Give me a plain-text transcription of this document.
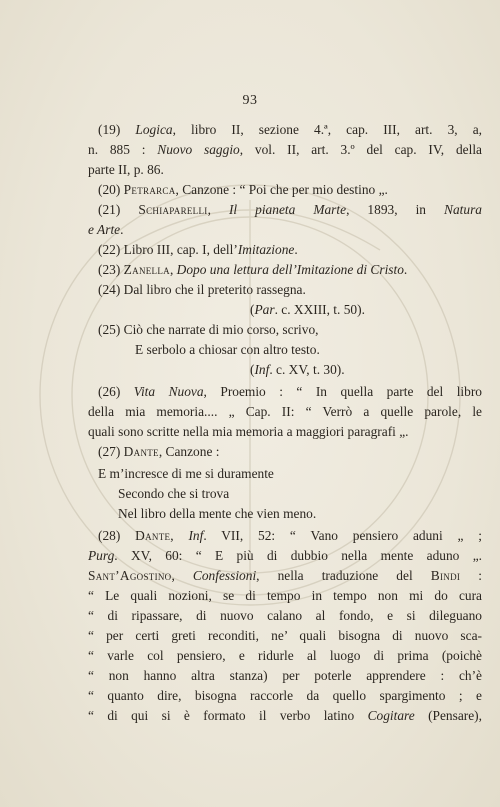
93
(19) Logica, libro II, sezione 4.ª, cap. III, art. 3, a,
n. 885 : Nuovo saggio, vol. II, art. 3.º del cap. IV, della
parte II, p. 86.
(20) Petrarca, Canzone : “ Poi che per mio destino „.
(21) Schiaparelli, Il pianeta Marte, 1893, in Natura
e Arte.
(22) Libro III, cap. I, dell’Imitazione.
(23) Zanella, Dopo una lettura dell’Imitazione di Cristo.
(24) Dal libro che il preterito rassegna.
(Par. c. XXIII, t. 50).
(25) Ciò che narrate di mio corso, scrivo,
E serbolo a chiosar con altro testo.
(Inf. c. XV, t. 30).
(26) Vita Nuova, Proemio : “ In quella parte del libro
della mia memoria.... „ Cap. II: “ Verrò a quelle parole, le
quali sono scritte nella mia memoria a maggiori paragrafi „.
(27) Dante, Canzone :
E m’incresce di me si duramente
Secondo che si trova
Nel libro della mente che vien meno.
(28) Dante, Inf. VII, 52: “ Vano pensiero aduni „ ;
Purg. XV, 60: “ E più di dubbio nella mente aduno „.
Sant’Agostino, Confessioni, nella traduzione del Bindi :
“ Le quali nozioni, se di tempo in tempo non mi do cura
“ di ripassare, di nuovo calano al fondo, e si dileguano
“ per certi greti reconditi, ne’ quali bisogna di nuovo sca-
“ varle col pensiero, e ridurle al luogo di prima (poichè
“ non hanno altra stanza) per poterle apprendere : ch’è
“ quanto dire, bisogna raccorle da quello spargimento ; e
“ di qui si è formato il verbo latino Cogitare (Pensare),
